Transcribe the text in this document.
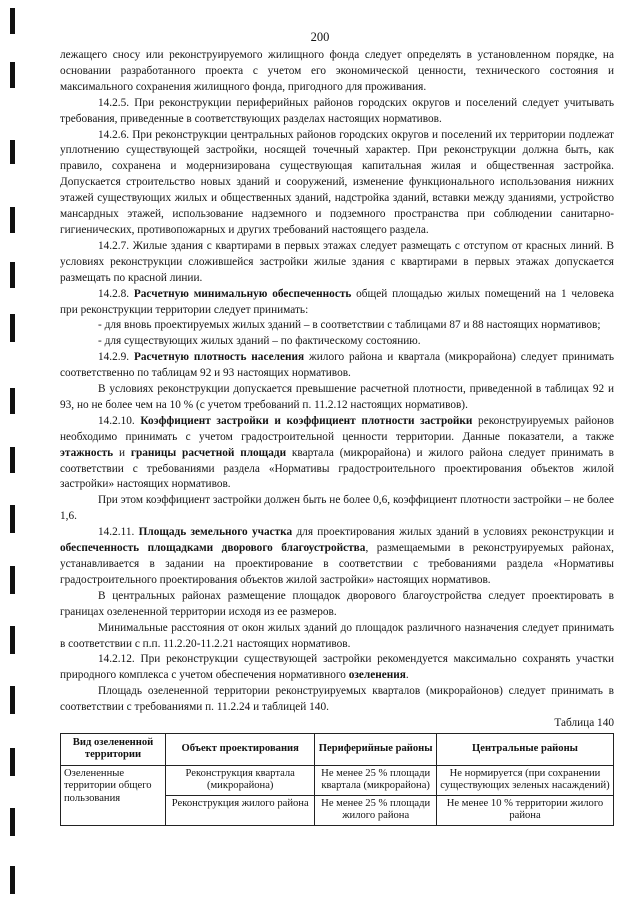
200

лежащего сносу или реконструируемого жилищного фонда следует определять в установленном порядке, на основании разработанного проекта с учетом его экономической ценности, технического состояния и максимального сохранения жилищного фонда, пригодного для проживания.

14.2.5. При реконструкции периферийных районов городских округов и поселений следует учитывать требования, приведенные в соответствующих разделах настоящих нормативов.

14.2.6. При реконструкции центральных районов городских округов и поселений их территории подлежат уплотнению существующей застройки, носящей точечный характер. При реконструкции должна быть, как правило, сохранена и модернизирована существующая капитальная жилая и общественная застройка. Допускается строительство новых зданий и сооружений, изменение функционального использования нижних этажей существующих жилых и общественных зданий, надстройка зданий, вставки между зданиями, устройство мансардных этажей, использование надземного и подземного пространства при соблюдении санитарно-гигиенических, противопожарных и других требований настоящего раздела.

14.2.7. Жилые здания с квартирами в первых этажах следует размещать с отступом от красных линий. В условиях реконструкции сложившейся застройки жилые здания с квартирами в первых этажах допускается размещать по красной линии.

14.2.8. Расчетную минимальную обеспеченность общей площадью жилых помещений на 1 человека при реконструкции территории следует принимать:

- для вновь проектируемых жилых зданий – в соответствии с таблицами 87 и 88 настоящих нормативов;

- для существующих жилых зданий – по фактическому состоянию.

14.2.9. Расчетную плотность населения жилого района и квартала (микрорайона) следует принимать соответственно по таблицам 92 и 93 настоящих нормативов.

В условиях реконструкции допускается превышение расчетной плотности, приведенной в таблицах 92 и 93, но не более чем на 10 % (с учетом требований п. 11.2.12 настоящих нормативов).

14.2.10. Коэффициент застройки и коэффициент плотности застройки реконструируемых районов необходимо принимать с учетом градостроительной ценности территории. Данные показатели, а также этажность и границы расчетной площади квартала (микрорайона) и жилого района следует принимать в соответствии с требованиями раздела «Нормативы градостроительного проектирования объектов жилой застройки» настоящих нормативов.

При этом коэффициент застройки должен быть не более 0,6, коэффициент плотности застройки – не более 1,6.

14.2.11. Площадь земельного участка для проектирования жилых зданий в условиях реконструкции и обеспеченность площадками дворового благоустройства, размещаемыми в реконструируемых районах, устанавливается в задании на проектирование в соответствии с требованиями раздела «Нормативы градостроительного проектирования объектов жилой застройки» настоящих нормативов.

В центральных районах размещение площадок дворового благоустройства следует проектировать в границах озелененной территории исходя из ее размеров.

Минимальные расстояния от окон жилых зданий до площадок различного назначения следует принимать в соответствии с п.п. 11.2.20-11.2.21 настоящих нормативов.

14.2.12. При реконструкции существующей застройки рекомендуется максимально сохранять участки природного комплекса с учетом обеспечения нормативного озеленения.

Площадь озелененной территории реконструируемых кварталов (микрорайонов) следует принимать в соответствии с требованиями п. 11.2.24 и таблицей 140.

Таблица 140
Вид озелененной территории	Объект проектирования	Периферийные районы	Центральные районы
Озелененные территории общего пользования	Реконструкция квартала (микрорайона)	Не менее 25 % площади квартала (микрорайона)	Не нормируется (при сохранении существующих зеленых насаждений)
	Реконструкция жилого района	Не менее 25 % площади жилого района	Не менее 10 % территории жилого района
